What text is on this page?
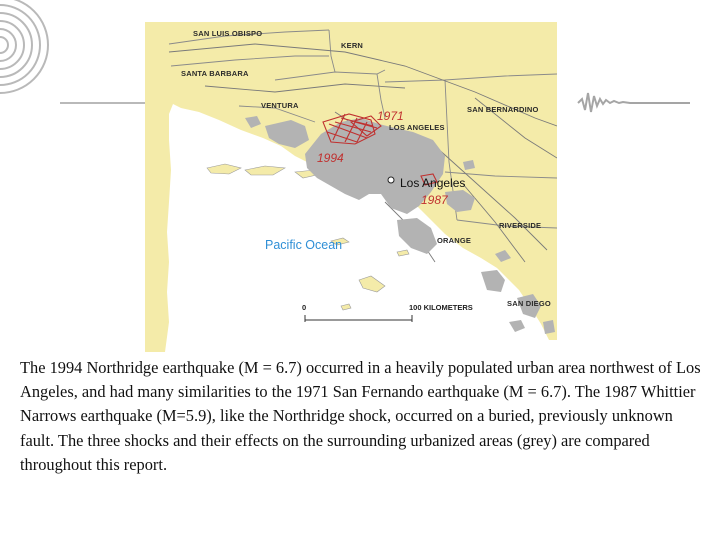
SAN LUIS OBISPO
KERN
SANTA BARBARA
VENTURA	SAN BERNARDINO
LOS ANGELES
RIVERSIDE
ORANGE
SAN DIEGO
1971
1994
1987
Los Angeles
Pacific Ocean
0	100 KILOMETERS

The 1994 Northridge earthquake (M = 6.7) occurred in a heavily populated urban area northwest of Los Angeles, and had many similarities to the 1971 San Fernando earthquake (M = 6.7). The 1987 Whittier Narrows earthquake (M=5.9), like the Northridge shock, occurred on a buried, previously unknown fault. The three shocks and their effects on the surrounding urbanized areas (grey) are compared throughout this report.
